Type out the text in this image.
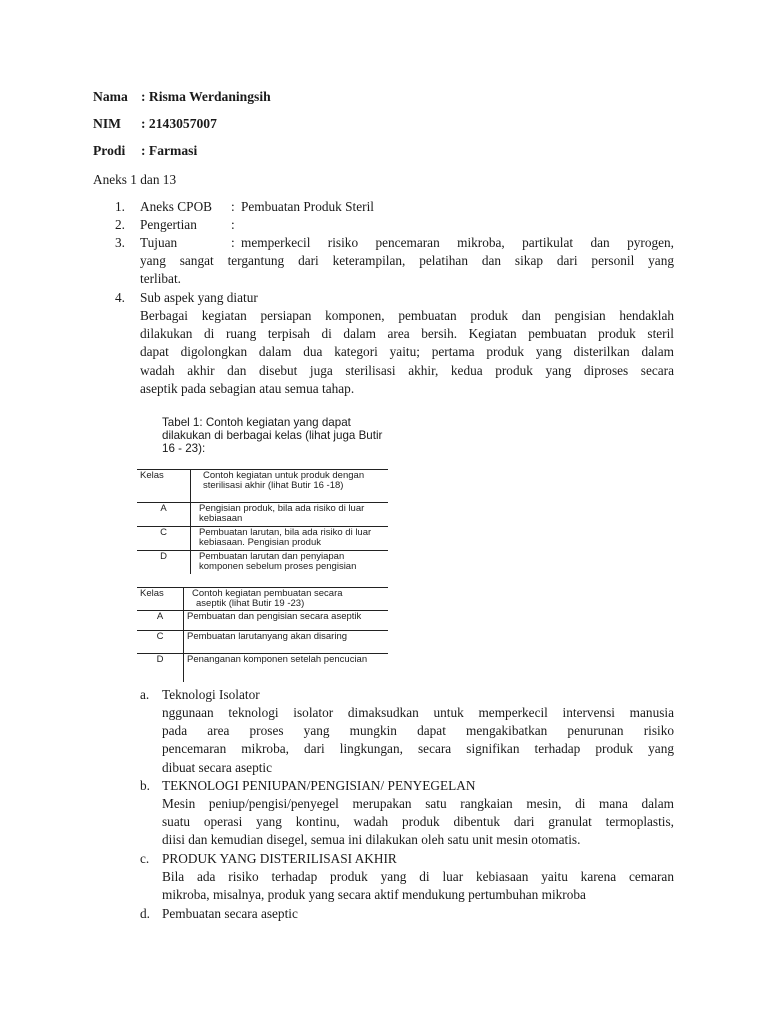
Nama : Risma Werdaningsih
NIM : 2143057007
Prodi : Farmasi
Aneks 1 dan 13
1. Aneks CPOB : Pembuatan Produk Steril
2. Pengertian	:
3. Tujuan	: memperkecil risiko pencemaran mikroba, partikulat dan pyrogen,
yang sangat tergantung dari keterampilan, pelatihan dan sikap dari personil yang
terlibat.
4. Sub aspek yang diatur
Berbagai kegiatan persiapan komponen, pembuatan produk dan pengisian hendaklah
dilakukan di ruang terpisah di dalam area bersih. Kegiatan pembuatan produk steril
dapat digolongkan dalam dua kategori yaitu; pertama produk yang disterilkan dalam
wadah akhir dan disebut juga sterilisasi akhir, kedua produk yang diproses secara
aseptik pada sebagian atau semua tahap.
Tabel 1: Contoh kegiatan yang dapat
dilakukan di berbagai kelas (lihat juga Butir
16 - 23):
Kelas	Contoh kegiatan untuk produk dengan
sterilisasi akhir (lihat Butir 16 -18)

A	Pengisian produk, bila ada risiko di luar
kebiasaan

C	Pembuatan larutan, bila ada risiko di luar
kebiasaan. Pengisian produk

D	Pembuatan larutan dan penyiapan
komponen sebelum proses pengisian
Kelas	Contoh kegiatan pembuatan secara
aseptik (lihat Butir 19 -23)

A	Pembuatan dan pengisian secara aseptik
C	Pembuatan larutanyang akan disaring
D	Penanganan komponen setelah pencucian
a. Teknologi Isolator
nggunaan teknologi isolator dimaksudkan untuk memperkecil intervensi manusia
pada area proses yang mungkin dapat mengakibatkan penurunan risiko
pencemaran mikroba, dari lingkungan, secara signifikan terhadap produk yang
dibuat secara aseptic
b. TEKNOLOGI PENIUPAN/PENGISIAN/ PENYEGELAN
Mesin peniup/pengisi/penyegel merupakan satu rangkaian mesin, di mana dalam
suatu operasi yang kontinu, wadah produk dibentuk dari granulat termoplastis,
diisi dan kemudian disegel, semua ini dilakukan oleh satu unit mesin otomatis.
c. PRODUK YANG DISTERILISASI AKHIR
Bila ada risiko terhadap produk yang di luar kebiasaan yaitu karena cemaran
mikroba, misalnya, produk yang secara aktif mendukung pertumbuhan mikroba
d. Pembuatan secara aseptic
